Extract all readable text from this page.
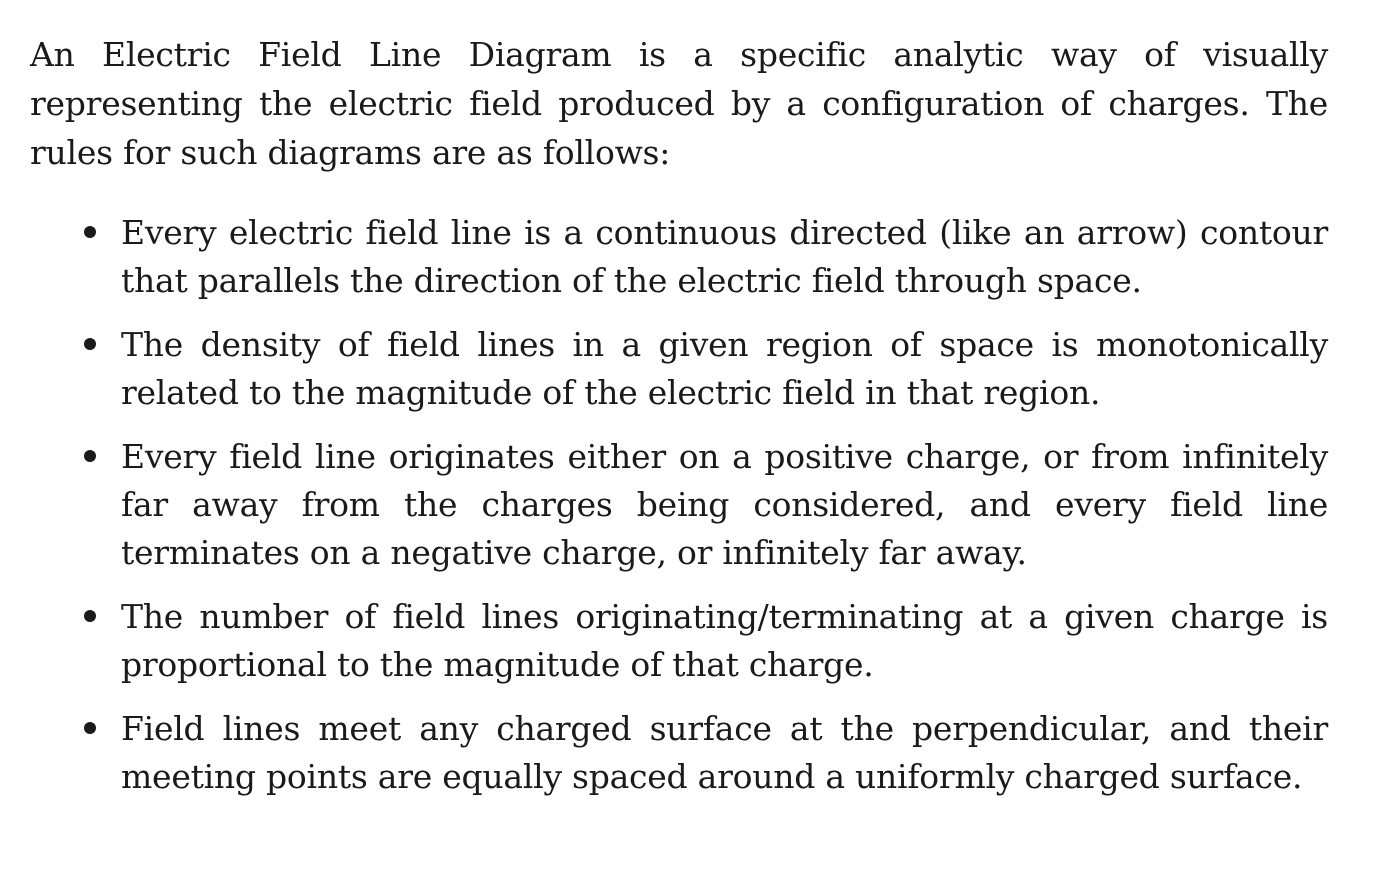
An Electric Field Line Diagram is a specific analytic way of visually representing the electric field produced by a configuration of charges. The rules for such diagrams are as follows:

Every electric field line is a continuous directed (like an arrow) contour that parallels the direction of the electric field through space.
The density of field lines in a given region of space is monotonically related to the magnitude of the electric field in that region.
Every field line originates either on a positive charge, or from infinitely far away from the charges being considered, and every field line terminates on a negative charge, or infinitely far away.
The number of field lines originating/terminating at a given charge is proportional to the magnitude of that charge.
Field lines meet any charged surface at the perpendicular, and their meeting points are equally spaced around a uniformly charged surface.
